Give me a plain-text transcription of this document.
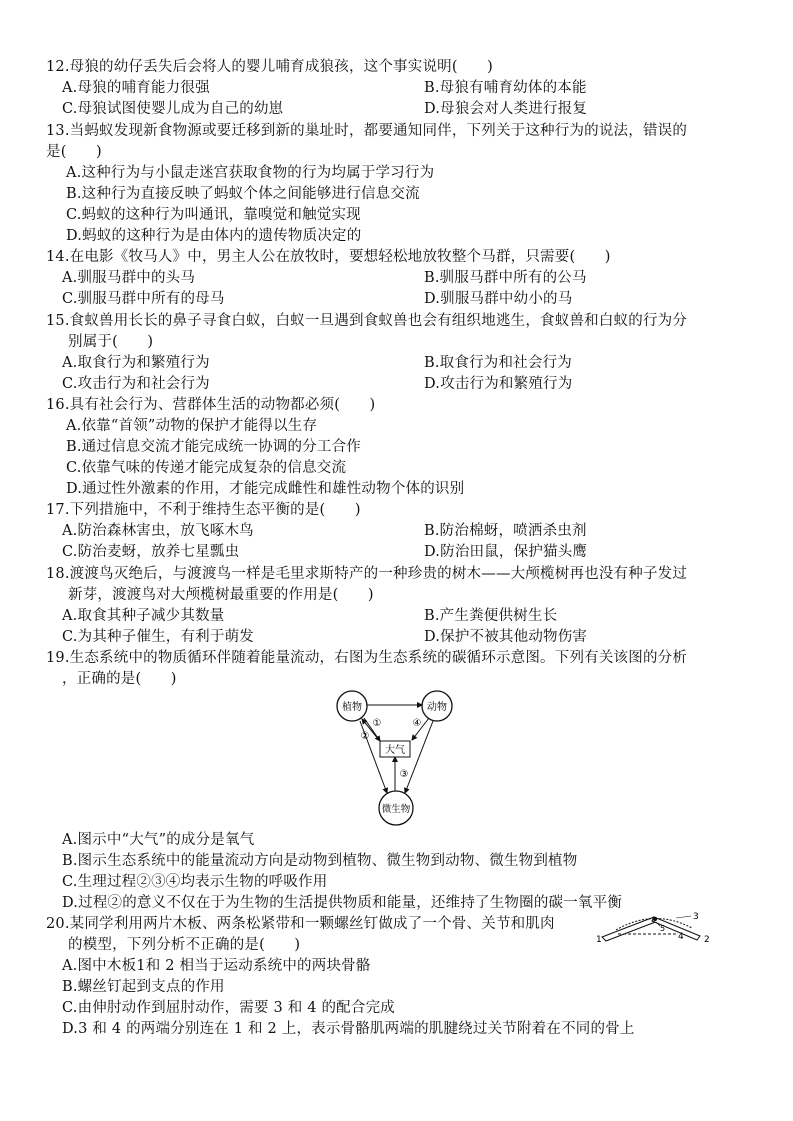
12.母狼的幼仔丢失后会将人的婴儿哺育成狼孩，这个事实说明(　　)
A.母狼的哺育能力很强	B.母狼有哺育幼体的本能
C.母狼试图使婴儿成为自己的幼崽	D.母狼会对人类进行报复
13.当蚂蚁发现新食物源或要迁移到新的巢址时，都要通知同伴，下列关于这种行为的说法，错误的
是(　　)
A.这种行为与小鼠走迷宫获取食物的行为均属于学习行为
B.这种行为直接反映了蚂蚁个体之间能够进行信息交流
C.蚂蚁的这种行为叫通讯，靠嗅觉和触觉实现
D.蚂蚁的这种行为是由体内的遗传物质决定的
14.在电影《牧马人》中，男主人公在放牧时，要想轻松地放牧整个马群，只需要(　　)
A.驯服马群中的头马	B.驯服马群中所有的公马
C.驯服马群中所有的母马	D.驯服马群中幼小的马
15.食蚁兽用长长的鼻子寻食白蚁，白蚁一旦遇到食蚁兽也会有组织地逃生，食蚁兽和白蚁的行为分
别属于(　　)
A.取食行为和繁殖行为	B.取食行为和社会行为
C.攻击行为和社会行为	D.攻击行为和繁殖行为
16.具有社会行为、营群体生活的动物都必须(　　)
A.依靠“首领”动物的保护才能得以生存
B.通过信息交流才能完成统一协调的分工合作
C.依靠气味的传递才能完成复杂的信息交流
D.通过性外激素的作用，才能完成雌性和雄性动物个体的识别
17.下列措施中，不利于维持生态平衡的是(　　)
A.防治森林害虫，放飞啄木鸟	B.防治棉蚜，喷洒杀虫剂
C.防治麦蚜，放养七星瓢虫	D.防治田鼠，保护猫头鹰
18.渡渡鸟灭绝后，与渡渡鸟一样是毛里求斯特产的一种珍贵的树木——大颅榄树再也没有种子发过
新芽，渡渡鸟对大颅榄树最重要的作用是(　　)
A.取食其种子减少其数量	B.产生粪便供树生长
C.为其种子催生，有利于萌发	D.保护不被其他动物伤害
19.生态系统中的物质循环伴随着能量流动，右图为生态系统的碳循环示意图。下列有关该图的分析
，正确的是(　　)
植物	动物
大气
微生物
①
②
④
③
A.图示中“大气”的成分是氧气
B.图示生态系统中的能量流动方向是动物到植物、微生物到动物、微生物到植物
C.生理过程②③④均表示生物的呼吸作用
D.过程②的意义不仅在于为生物的生活提供物质和能量，还维持了生物圈的碳一氧平衡
20.某同学利用两片木板、两条松紧带和一颗螺丝钉做成了一个骨、关节和肌肉
的模型，下列分析不正确的是(　　)	1	2
3
4
5
A.图中木板1和 2 相当于运动系统中的两块骨骼
B.螺丝钉起到支点的作用
C.由伸肘动作到屈肘动作，需要 3 和 4 的配合完成
D.3 和 4 的两端分别连在 1 和 2 上，表示骨骼肌两端的肌腱绕过关节附着在不同的骨上
